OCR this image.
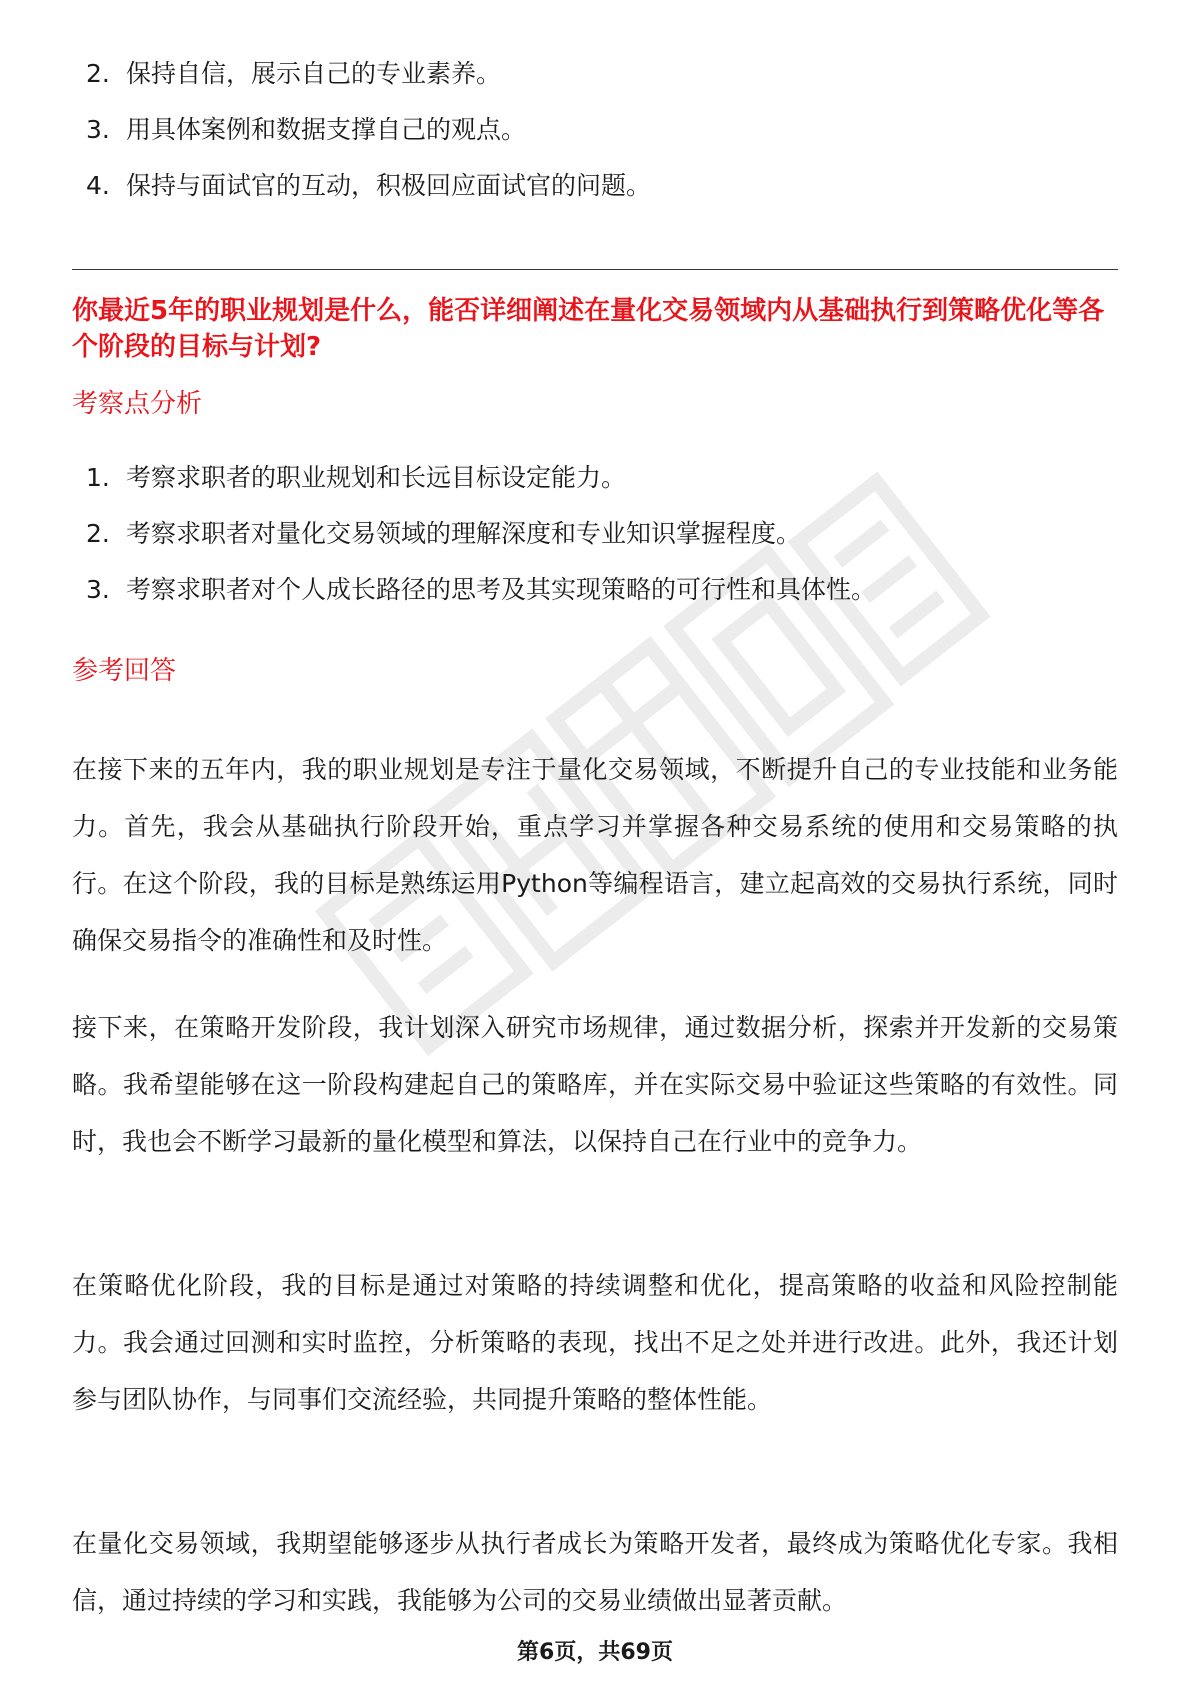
2. 保持自信，展示自己的专业素养。
3. 用具体案例和数据支撑自己的观点。
4. 保持与面试官的互动，积极回应面试官的问题。
你最近5年的职业规划是什么，能否详细阐述在量化交易领域内从基础执行到策略优化等各个阶段的目标与计划?
考察点分析
1. 考察求职者的职业规划和长远目标设定能力。
2. 考察求职者对量化交易领域的理解深度和专业知识掌握程度。
3. 考察求职者对个人成长路径的思考及其实现策略的可行性和具体性。
参考回答

在接下来的五年内，我的职业规划是专注于量化交易领域，不断提升自己的专业技能和业务能力。首先，我会从基础执行阶段开始，重点学习并掌握各种交易系统的使用和交易策略的执行。在这个阶段，我的目标是熟练运用Python等编程语言，建立起高效的交易执行系统，同时确保交易指令的准确性和及时性。

接下来，在策略开发阶段，我计划深入研究市场规律，通过数据分析，探索并开发新的交易策略。我希望能够在这一阶段构建起自己的策略库，并在实际交易中验证这些策略的有效性。同时，我也会不断学习最新的量化模型和算法，以保持自己在行业中的竞争力。

在策略优化阶段，我的目标是通过对策略的持续调整和优化，提高策略的收益和风险控制能力。我会通过回测和实时监控，分析策略的表现，找出不足之处并进行改进。此外，我还计划参与团队协作，与同事们交流经验，共同提升策略的整体性能。

在量化交易领域，我期望能够逐步从执行者成长为策略开发者，最终成为策略优化专家。我相信，通过持续的学习和实践，我能够为公司的交易业绩做出显著贡献。

第6页，共69页
